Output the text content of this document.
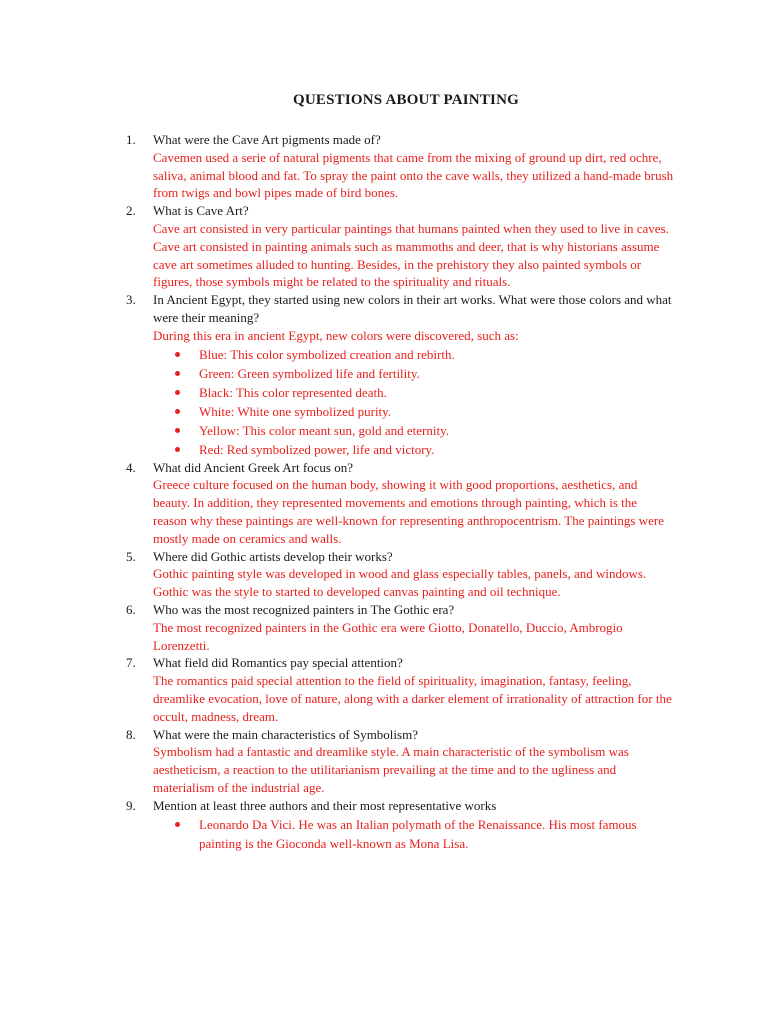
QUESTIONS ABOUT PAINTING
1. What were the Cave Art pigments made of?
Cavemen used a serie of natural pigments that came from the mixing of ground up dirt, red ochre, saliva, animal blood and fat. To spray the paint onto the cave walls, they utilized a hand-made brush from twigs and bowl pipes made of bird bones.
2. What is Cave Art?
Cave art consisted in very particular paintings that humans painted when they used to live in caves. Cave art consisted in painting animals such as mammoths and deer, that is why historians assume cave art sometimes alluded to hunting. Besides, in the prehistory they also painted symbols or figures, those symbols might be related to the spirituality and rituals.
3. In Ancient Egypt, they started using new colors in their art works. What were those colors and what were their meaning?
During this era in ancient Egypt, new colors were discovered, such as:
Blue: This color symbolized creation and rebirth.
Green: Green symbolized life and fertility.
Black: This color represented death.
White: White one symbolized purity.
Yellow: This color meant sun, gold and eternity.
Red: Red symbolized power, life and victory.
4. What did Ancient Greek Art focus on?
Greece culture focused on the human body, showing it with good proportions, aesthetics, and beauty. In addition, they represented movements and emotions through painting, which is the reason why these paintings are well-known for representing anthropocentrism. The paintings were mostly made on ceramics and walls.
5. Where did Gothic artists develop their works?
Gothic painting style was developed in wood and glass especially tables, panels, and windows. Gothic was the style to started to developed canvas painting and oil technique.
6. Who was the most recognized painters in The Gothic era?
The most recognized painters in the Gothic era were Giotto, Donatello, Duccio, Ambrogio Lorenzetti.
7. What field did Romantics pay special attention?
The romantics paid special attention to the field of spirituality, imagination, fantasy, feeling, dreamlike evocation, love of nature, along with a darker element of irrationality of attraction for the occult, madness, dream.
8. What were the main characteristics of Symbolism?
Symbolism had a fantastic and dreamlike style. A main characteristic of the symbolism was aestheticism, a reaction to the utilitarianism prevailing at the time and to the ugliness and materialism of the industrial age.
9. Mention at least three authors and their most representative works
Leonardo Da Vici. He was an Italian polymath of the Renaissance. His most famous painting is the Gioconda well-known as Mona Lisa.
